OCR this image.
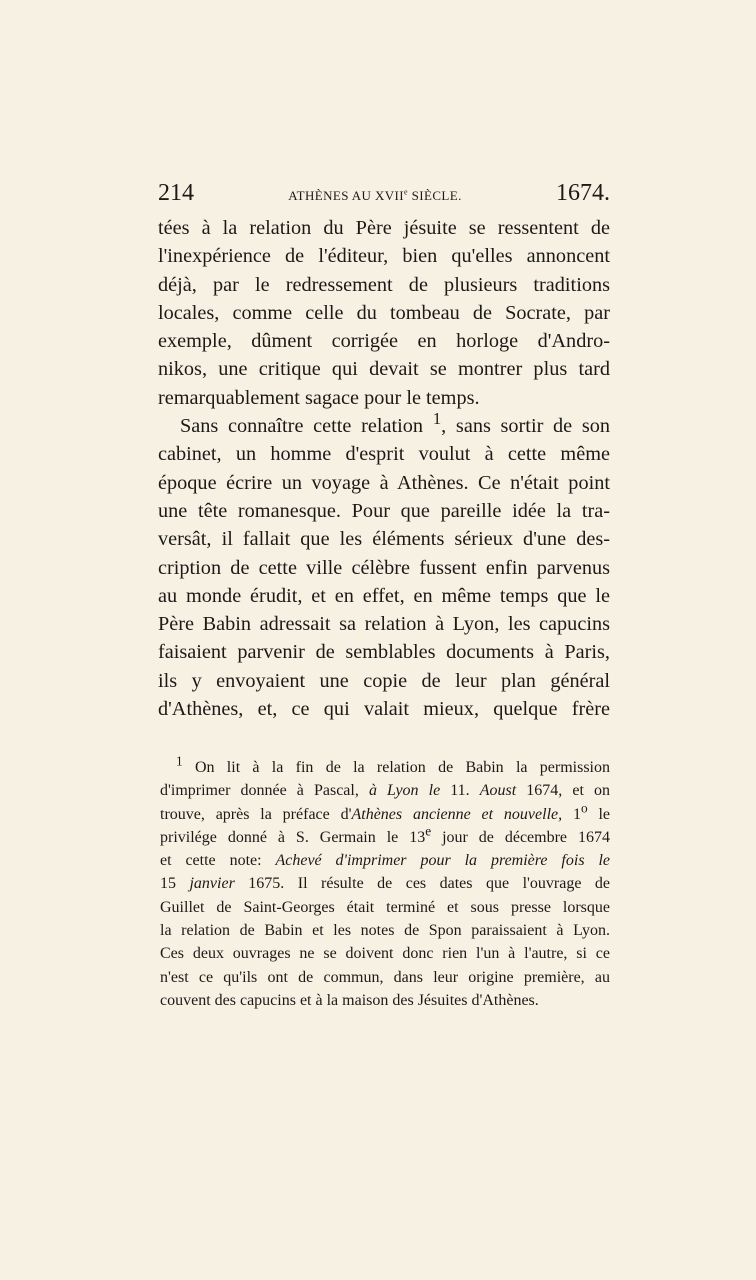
214	ATHÈNES AU XVIIe SIÈCLE.	1674.
tées à la relation du Père jésuite se ressentent de
l'inexpérience de l'éditeur, bien qu'elles annoncent
déjà, par le redressement de plusieurs traditions
locales, comme celle du tombeau de Socrate, par
exemple, dûment corrigée en horloge d'Andro-
nikos, une critique qui devait se montrer plus tard
remarquablement sagace pour le temps.
Sans connaître cette relation $^1$, sans sortir de son
cabinet, un homme d'esprit voulut à cette même
époque écrire un voyage à Athènes. Ce n'était point
une tête romanesque. Pour que pareille idée la tra-
versât, il fallait que les éléments sérieux d'une des-
cription de cette ville célèbre fussent enfin parvenus
au monde érudit, et en effet, en même temps que le
Père Babin adressait sa relation à Lyon, les capucins
faisaient parvenir de semblables documents à Paris,
ils y envoyaient une copie de leur plan général
d'Athènes, et, ce qui valait mieux, quelque frère
$^1$ On lit à la fin de la relation de Babin la permission
d'imprimer donnée à Pascal, à Lyon le 11. Aoust 1674, et on
trouve, après la préface d'Athènes ancienne et nouvelle, 1$^o$ le
privilége donné à S. Germain le 13e jour de décembre 1674
et cette note: Achevé d'imprimer pour la première fois le
15 janvier 1675. Il résulte de ces dates que l'ouvrage de
Guillet de Saint-Georges était terminé et sous presse lorsque
la relation de Babin et les notes de Spon paraissaient à Lyon.
Ces deux ouvrages ne se doivent donc rien l'un à l'autre, si ce
n'est ce qu'ils ont de commun, dans leur origine première, au
couvent des capucins et à la maison des Jésuites d'Athènes.
